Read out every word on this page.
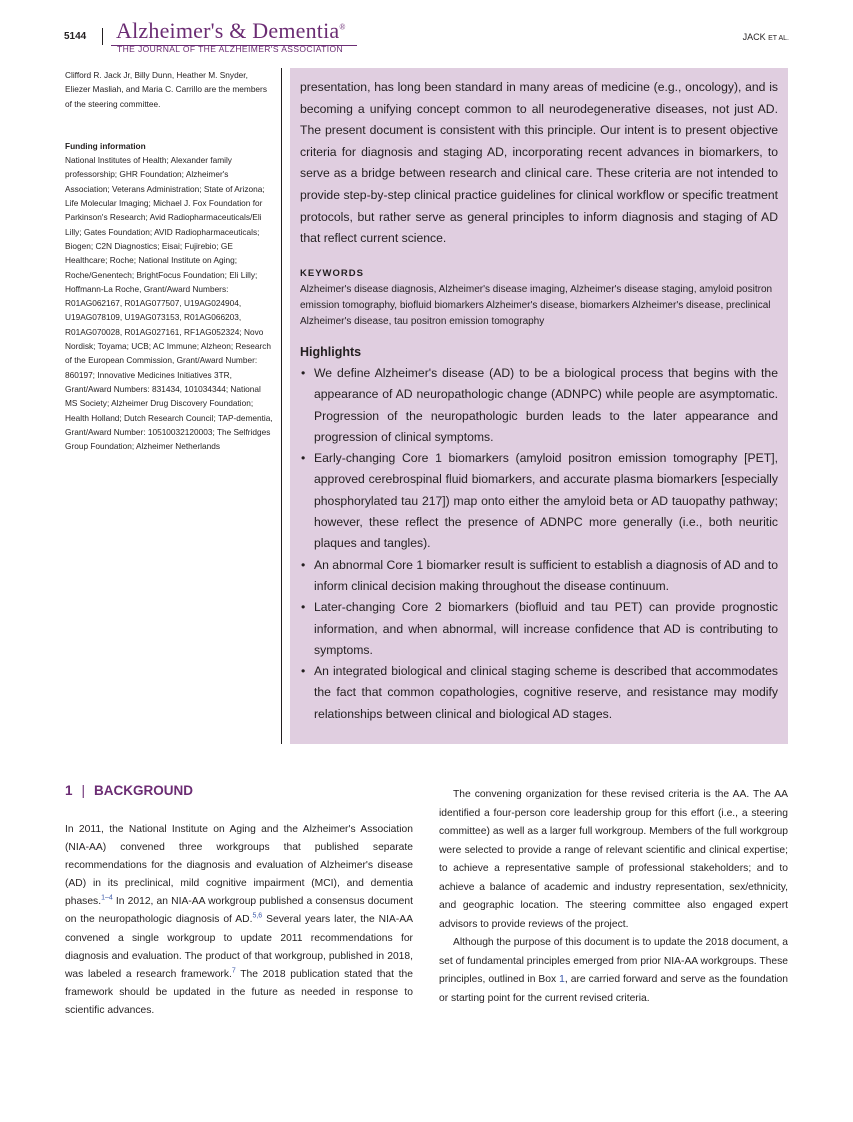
5144 Alzheimer's & Dementia®
THE JOURNAL OF THE ALZHEIMER'S ASSOCIATION
JACK ET AL.

Clifford R. Jack Jr, Billy Dunn, Heather M. Snyder, Eliezer Masliah, and Maria C. Carrillo are the members of the steering committee.

Funding information

National Institutes of Health; Alexander family professorship; GHR Foundation; Alzheimer's Association; Veterans Administration; State of Arizona; Life Molecular Imaging; Michael J. Fox Foundation for Parkinson's Research; Avid Radiopharmaceuticals/Eli Lilly; Gates Foundation; AVID Radiopharmaceuticals; Biogen; C2N Diagnostics; Eisai; Fujirebio; GE Healthcare; Roche; National Institute on Aging; Roche/Genentech; BrightFocus Foundation; Eli Lilly; Hoffmann-La Roche, Grant/Award Numbers: R01AG062167, R01AG077507, U19AG024904, U19AG078109, U19AG073153, R01AG066203, R01AG070028, R01AG027161, RF1AG052324; Novo Nordisk; Toyama; UCB; AC Immune; Alzheon; Research of the European Commission, Grant/Award Number: 860197; Innovative Medicines Initiatives 3TR, Grant/Award Numbers: 831434, 101034344; National MS Society; Alzheimer Drug Discovery Foundation; Health Holland; Dutch Research Council; TAP-dementia, Grant/Award Number: 10510032120003; The Selfridges Group Foundation; Alzheimer Netherlands

presentation, has long been standard in many areas of medicine (e.g., oncology), and is becoming a unifying concept common to all neurodegenerative diseases, not just AD. The present document is consistent with this principle. Our intent is to present objective criteria for diagnosis and staging AD, incorporating recent advances in biomarkers, to serve as a bridge between research and clinical care. These criteria are not intended to provide step-by-step clinical practice guidelines for clinical workflow or specific treatment protocols, but rather serve as general principles to inform diagnosis and staging of AD that reflect current science.
KEYWORDS
Alzheimer's disease diagnosis, Alzheimer's disease imaging, Alzheimer's disease staging, amyloid positron emission tomography, biofluid biomarkers Alzheimer's disease, biomarkers Alzheimer's disease, preclinical Alzheimer's disease, tau positron emission tomography
Highlights
• We define Alzheimer's disease (AD) to be a biological process that begins with the appearance of AD neuropathologic change (ADNPC) while people are asymptomatic. Progression of the neuropathologic burden leads to the later appearance and progression of clinical symptoms.
• Early-changing Core 1 biomarkers (amyloid positron emission tomography [PET], approved cerebrospinal fluid biomarkers, and accurate plasma biomarkers [especially phosphorylated tau 217]) map onto either the amyloid beta or AD tauopathy pathway; however, these reflect the presence of ADNPC more generally (i.e., both neuritic plaques and tangles).
• An abnormal Core 1 biomarker result is sufficient to establish a diagnosis of AD and to inform clinical decision making throughout the disease continuum.
• Later-changing Core 2 biomarkers (biofluid and tau PET) can provide prognostic information, and when abnormal, will increase confidence that AD is contributing to symptoms.
• An integrated biological and clinical staging scheme is described that accommodates the fact that common copathologies, cognitive reserve, and resistance may modify relationships between clinical and biological AD stages.
1 | BACKGROUND

In 2011, the National Institute on Aging and the Alzheimer's Association (NIA-AA) convened three workgroups that published separate recommendations for the diagnosis and evaluation of Alzheimer's disease (AD) in its preclinical, mild cognitive impairment (MCI), and dementia phases.$^{1-4}$ In 2012, an NIA-AA workgroup published a consensus document on the neuropathologic diagnosis of AD.$^{5,6}$ Several years later, the NIA-AA convened a single workgroup to update 2011 recommendations for diagnosis and evaluation. The product of that workgroup, published in 2018, was labeled a research framework.$^7$ The 2018 publication stated that the framework should be updated in the future as needed in response to scientific advances.

The convening organization for these revised criteria is the AA. The AA identified a four-person core leadership group for this effort (i.e., a steering committee) as well as a larger full workgroup. Members of the full workgroup were selected to provide a range of relevant scientific and clinical expertise; to achieve a representative sample of professional stakeholders; and to achieve a balance of academic and industry representation, sex/ethnicity, and geographic location. The steering committee also engaged expert advisors to provide reviews of the project.

Although the purpose of this document is to update the 2018 document, a set of fundamental principles emerged from prior NIA-AA workgroups. These principles, outlined in Box 1, are carried forward and serve as the foundation or starting point for the current revised criteria.
